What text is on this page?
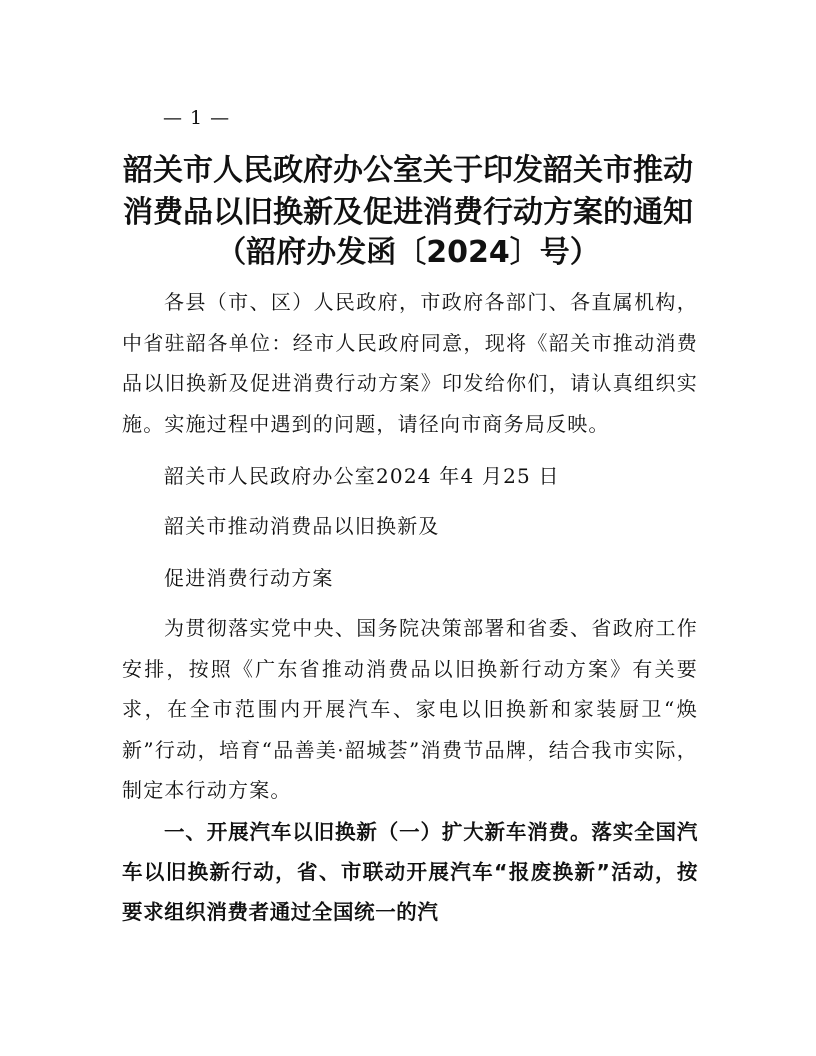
— 1 —
韶关市人民政府办公室关于印发韶关市推动
消费品以旧换新及促进消费行动方案的通知
（韶府办发函〔2024〕号）
各县（市、区）人民政府，市政府各部门、各直属机构，中省驻韶各单位：经市人民政府同意，现将《韶关市推动消费品以旧换新及促进消费行动方案》印发给你们，请认真组织实施。实施过程中遇到的问题，请径向市商务局反映。
韶关市人民政府办公室2024 年4 月25 日
韶关市推动消费品以旧换新及
促进消费行动方案
为贯彻落实党中央、国务院决策部署和省委、省政府工作安排，按照《广东省推动消费品以旧换新行动方案》有关要求，在全市范围内开展汽车、家电以旧换新和家装厨卫“焕新”行动，培育“品善美·韶城荟”消费节品牌，结合我市实际，制定本行动方案。
一、开展汽车以旧换新（一）扩大新车消费。落实全国汽车以旧换新行动，省、市联动开展汽车“报废换新”活动，按要求组织消费者通过全国统一的汽
